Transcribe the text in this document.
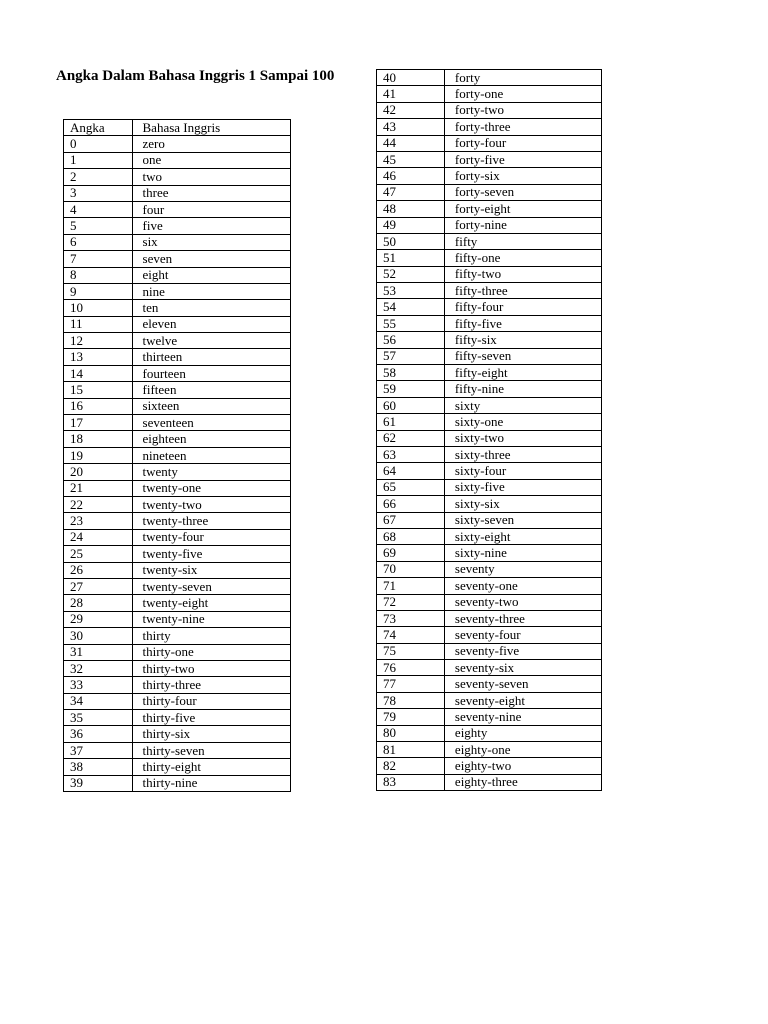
Angka Dalam Bahasa Inggris 1 Sampai 100
Angka	Bahasa Inggris
0	zero
1	one
2	two
3	three
4	four
5	five
6	six
7	seven
8	eight
9	nine
10	ten
11	eleven
12	twelve
13	thirteen
14	fourteen
15	fifteen
16	sixteen
17	seventeen
18	eighteen
19	nineteen
20	twenty
21	twenty-one
22	twenty-two
23	twenty-three
24	twenty-four
25	twenty-five
26	twenty-six
27	twenty-seven
28	twenty-eight
29	twenty-nine
30	thirty
31	thirty-one
32	thirty-two
33	thirty-three
34	thirty-four
35	thirty-five
36	thirty-six
37	thirty-seven
38	thirty-eight
39	thirty-nine
40	forty
41	forty-one
42	forty-two
43	forty-three
44	forty-four
45	forty-five
46	forty-six
47	forty-seven
48	forty-eight
49	forty-nine
50	fifty
51	fifty-one
52	fifty-two
53	fifty-three
54	fifty-four
55	fifty-five
56	fifty-six
57	fifty-seven
58	fifty-eight
59	fifty-nine
60	sixty
61	sixty-one
62	sixty-two
63	sixty-three
64	sixty-four
65	sixty-five
66	sixty-six
67	sixty-seven
68	sixty-eight
69	sixty-nine
70	seventy
71	seventy-one
72	seventy-two
73	seventy-three
74	seventy-four
75	seventy-five
76	seventy-six
77	seventy-seven
78	seventy-eight
79	seventy-nine
80	eighty
81	eighty-one
82	eighty-two
83	eighty-three
